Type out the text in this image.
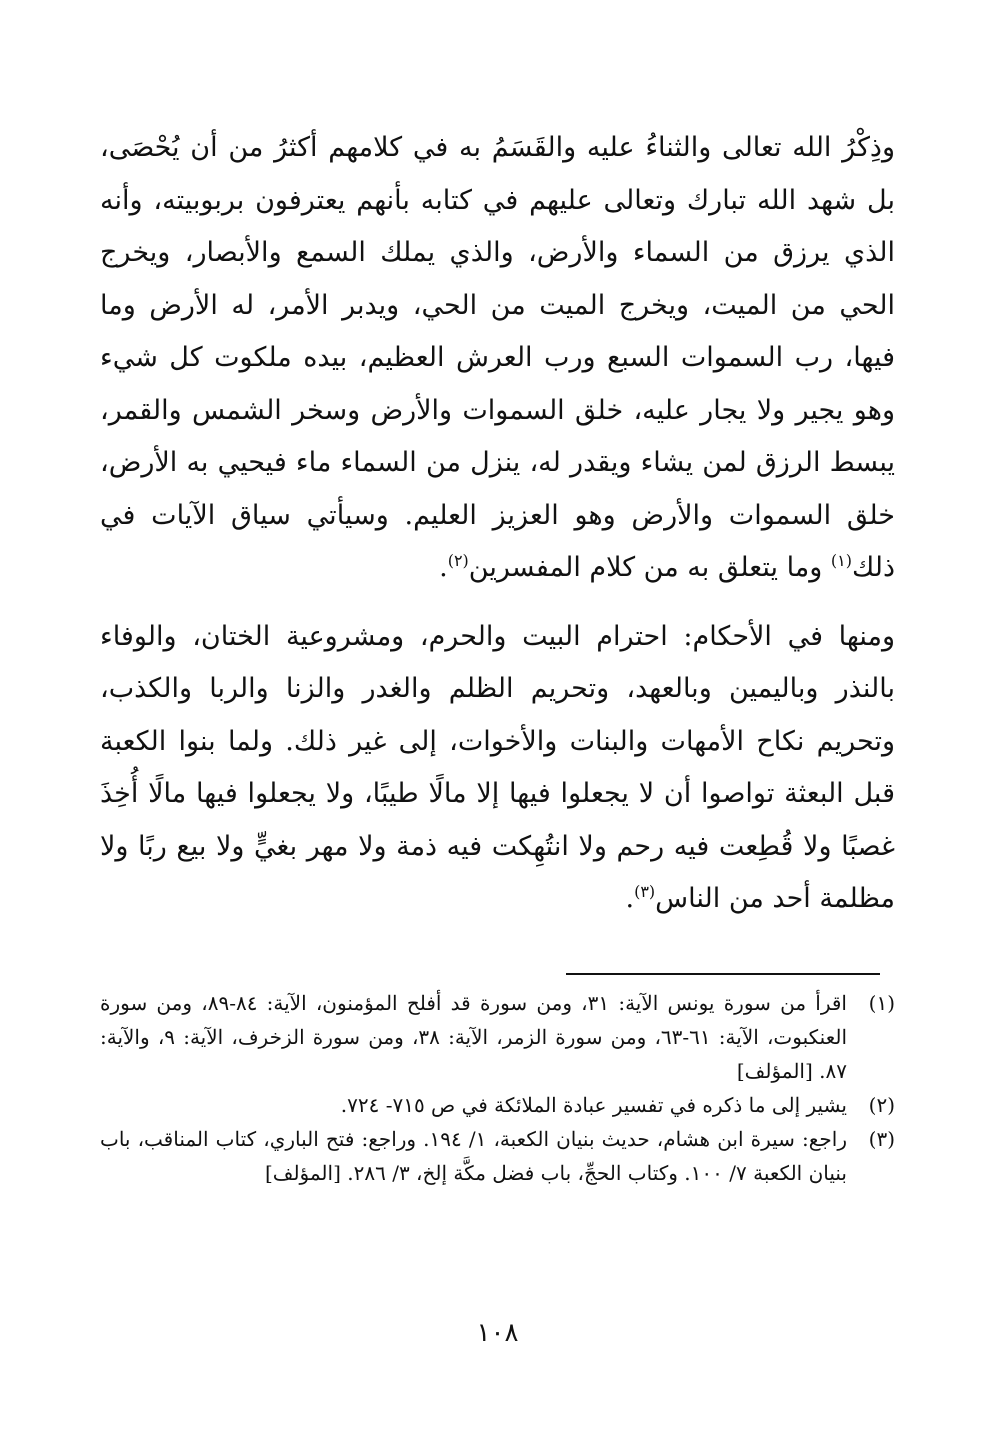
وذِكْرُ الله تعالى والثناءُ عليه والقَسَمُ به في كلامهم أكثرُ من أن يُحْصَى، بل شهد الله تبارك وتعالى عليهم في كتابه بأنهم يعترفون بربوبيته، وأنه الذي يرزق من السماء والأرض، والذي يملك السمع والأبصار، ويخرج الحي من الميت، ويخرج الميت من الحي، ويدبر الأمر، له الأرض وما فيها، رب السموات السبع ورب العرش العظيم، بيده ملكوت كل شيء وهو يجير ولا يجار عليه، خلق السموات والأرض وسخر الشمس والقمر، يبسط الرزق لمن يشاء ويقدر له، ينزل من السماء ماء فيحيي به الأرض، خلق السموات والأرض وهو العزيز العليم. وسيأتي سياق الآيات في ذلك$^{(١)}$ وما يتعلق به من كلام المفسرين$^{(٢)}$.

ومنها في الأحكام: احترام البيت والحرم، ومشروعية الختان، والوفاء بالنذر وباليمين وبالعهد، وتحريم الظلم والغدر والزنا والربا والكذب، وتحريم نكاح الأمهات والبنات والأخوات، إلى غير ذلك. ولما بنوا الكعبة قبل البعثة تواصوا أن لا يجعلوا فيها إلا مالًا طيبًا، ولا يجعلوا فيها مالًا أُخِذَ غصبًا ولا قُطِعت فيه رحم ولا انتُهِكت فيه ذمة ولا مهر بغيٍّ ولا بيع ربًا ولا مظلمة أحد من الناس$^{(٣)}$.

(١)
اقرأ من سورة يونس الآية: ٣١، ومن سورة قد أفلح المؤمنون، الآية: ٨٤-٨٩، ومن سورة العنكبوت، الآية: ٦١-٦٣، ومن سورة الزمر، الآية: ٣٨، ومن سورة الزخرف، الآية: ٩، والآية: ٨٧. [المؤلف]
(٢)
يشير إلى ما ذكره في تفسير عبادة الملائكة في ص ٧١٥- ٧٢٤.
(٣)
راجع: سيرة ابن هشام، حديث بنيان الكعبة، ١/ ١٩٤. وراجع: فتح الباري، كتاب المناقب، باب بنيان الكعبة ٧/ ١٠٠. وكتاب الحجِّ، باب فضل مكَّة إلخ، ٣/ ٢٨٦. [المؤلف]
١٠٨
